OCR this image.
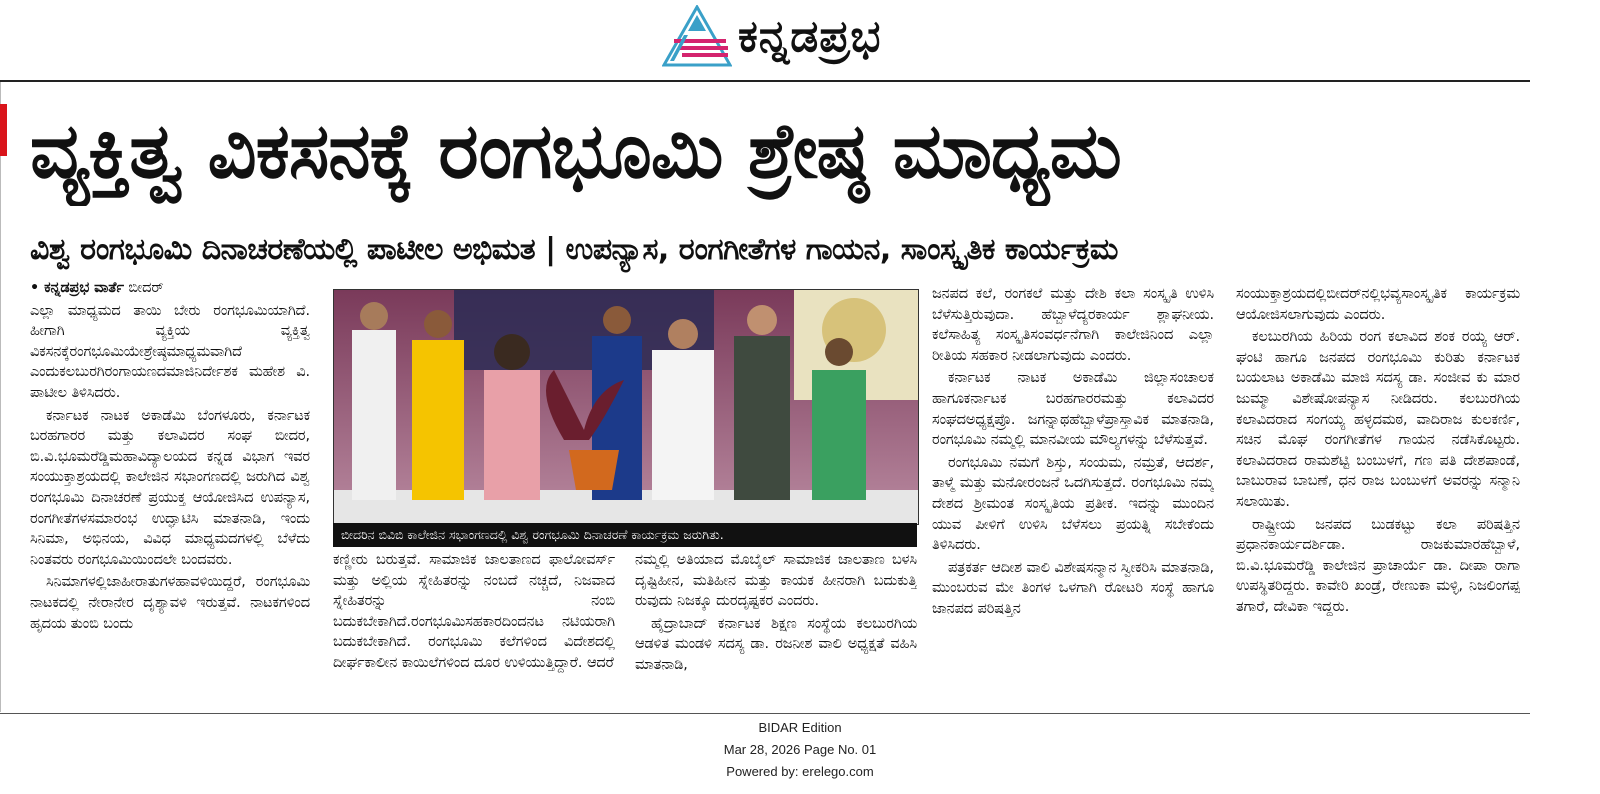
ಕನ್ನಡಪ್ರಭ
ವ್ಯಕ್ತಿತ್ವ ವಿಕಸನಕ್ಕೆ ರಂಗಭೂಮಿ ಶ್ರೇಷ್ಠ ಮಾಧ್ಯಮ
ವಿಶ್ವ ರಂಗಭೂಮಿ ದಿನಾಚರಣೆಯಲ್ಲಿ ಪಾಟೀಲ ಅಭಿಮತ | ಉಪನ್ಯಾಸ, ರಂಗಗೀತೆಗಳ ಗಾಯನ, ಸಾಂಸ್ಕೃತಿಕ ಕಾರ್ಯಕ್ರಮ

• ಕನ್ನಡಪ್ರಭ ವಾರ್ತೆ ಬೀದರ್

ಎಲ್ಲಾ ಮಾಧ್ಯಮದ ತಾಯಿ ಬೇರು ರಂಗಭೂಮಿಯಾಗಿದೆ. ಹೀಗಾಗಿ ವ್ಯಕ್ತಿಯ ವ್ಯಕ್ತಿತ್ವ ವಿಕಸನಕ್ಕೆರಂಗಭೂಮಿಯೇಶ್ರೇಷ್ಠಮಾಧ್ಯಮವಾಗಿದೆ ಎಂದುಕಲಬುರಗಿರಂಗಾಯಣದಮಾಜಿನಿರ್ದೇಶಕ ಮಹೇಶ ವಿ. ಪಾಟೀಲ ತಿಳಿಸಿದರು.

ಕರ್ನಾಟಕ ನಾಟಕ ಅಕಾಡೆಮಿ ಬೆಂಗಳೂರು, ಕರ್ನಾಟಕ ಬರಹಗಾರರ ಮತ್ತು ಕಲಾವಿದರ ಸಂಘ ಬೀದರ, ಬಿ.ವಿ.ಭೂಮರೆಡ್ಡಿಮಹಾವಿದ್ಯಾಲಯದ ಕನ್ನಡ ವಿಭಾಗ ಇವರ ಸಂಯುಕ್ತಾಶ್ರಯದಲ್ಲಿ ಕಾಲೇಜಿನ ಸಭಾಂಗಣದಲ್ಲಿ ಜರುಗಿದ ವಿಶ್ವ ರಂಗಭೂಮಿ ದಿನಾಚರಣೆ ಪ್ರಯುಕ್ತ ಆಯೋಜಿಸಿದ ಉಪನ್ಯಾಸ, ರಂಗಗೀತೆಗಳಸಮಾರಂಭ ಉದ್ಘಾಟಿಸಿ ಮಾತನಾಡಿ, ಇಂದು ಸಿನಿಮಾ, ಅಭಿನಯ, ವಿವಿಧ ಮಾಧ್ಯಮದಗಳಲ್ಲಿ ಬೆಳೆದು ನಿಂತವರು ರಂಗಭೂಮಿಯಿಂದಲೇ ಬಂದವರು.

ಸಿನಿಮಾಗಳಲ್ಲಿಜಾಹೀರಾತುಗಳಹಾವಳಿಯಿದ್ದರೆ, ರಂಗಭೂಮಿ ನಾಟಕದಲ್ಲಿ ನೇರಾನೇರ ದೃಶ್ಯಾವಳಿ ಇರುತ್ತವೆ. ನಾಟಕಗಳಿಂದ ಹೃದಯ ತುಂಬಿ ಬಂದು

ಬೀದರಿನ ಬಿವಿಬಿ ಕಾಲೇಜಿನ ಸಭಾಂಗಣದಲ್ಲಿ ವಿಶ್ವ ರಂಗಭೂಮಿ ದಿನಾಚರಣೆ ಕಾರ್ಯಕ್ರಮ ಜರುಗಿತು.

ಕಣ್ಣೀರು ಬರುತ್ತವೆ. ಸಾಮಾಜಿಕ ಜಾಲತಾಣದ ಫಾಲೋವರ್ಸ್ ಮತ್ತು ಅಲ್ಲಿಯ ಸ್ನೇಹಿತರನ್ನು ನಂಬದೆ ನಚ್ಚದೆ, ನಿಜವಾದ ಸ್ನೇಹಿತರನ್ನು ನಂಬಿ ಬದುಕಬೇಕಾಗಿದೆ.ರಂಗಭೂಮಿಸಹಕಾರದಿಂದನಟ ನಟಿಯರಾಗಿ ಬದುಕಬೇಕಾಗಿದೆ. ರಂಗಭೂಮಿ ಕಲೆಗಳಿಂದ ವಿದೇಶದಲ್ಲಿ ದೀರ್ಘಕಾಲೀನ ಕಾಯಿಲೆಗಳಿಂದ ದೂರ ಉಳಿಯುತ್ತಿದ್ದಾರೆ. ಆದರೆ

ನಮ್ಮಲ್ಲಿ ಅತಿಯಾದ ಮೊಬೈಲ್ ಸಾಮಾಜಿಕ ಜಾಲತಾಣ ಬಳಸಿ ದೃಷ್ಟಿಹೀನ, ಮತಿಹೀನ ಮತ್ತು ಕಾಯಕ ಹೀನರಾಗಿ ಬದುಕುತ್ತಿ ರುವುದು ನಿಜಕ್ಕೂ ದುರದೃಷ್ಟಕರ ಎಂದರು.

ಹೈದ್ರಾಬಾದ್ ಕರ್ನಾಟಕ ಶಿಕ್ಷಣ ಸಂಸ್ಥೆಯ ಕಲಬುರಗಿಯ ಆಡಳಿತ ಮಂಡಳಿ ಸದಸ್ಯ ಡಾ. ರಜನೀಶ ವಾಲಿ ಅಧ್ಯಕ್ಷತೆ ವಹಿಸಿ ಮಾತನಾಡಿ,

ಜನಪದ ಕಲೆ, ರಂಗಕಲೆ ಮತ್ತು ದೇಶಿ ಕಲಾ ಸಂಸ್ಕೃತಿ ಉಳಿಸಿ ಬೆಳೆಸುತ್ತಿರುವುದಾ. ಹೆಬ್ಬಾಳೆದ್ಯರಕಾರ್ಯ ಶ್ಲಾಘನೀಯ. ಕಲೆಸಾಹಿತ್ಯ ಸಂಸ್ಕೃತಿಸಂವರ್ಧನೆಗಾಗಿ ಕಾಲೇಜಿನಿಂದ ಎಲ್ಲಾ ರೀತಿಯ ಸಹಕಾರ ನೀಡಲಾಗುವುದು ಎಂದರು.

ಕರ್ನಾಟಕ ನಾಟಕ ಅಕಾಡೆಮಿ ಜಿಲ್ಲಾಸಂಚಾಲಕ ಹಾಗೂಕರ್ನಾಟಕ ಬರಹಗಾರರಮತ್ತು ಕಲಾವಿದರ ಸಂಘದಅಧ್ಯಕ್ಷಪ್ರೊ. ಜಗನ್ನಾಥಹೆಬ್ಬಾಳೆಪ್ರಾಸ್ತಾವಿಕ ಮಾತನಾಡಿ, ರಂಗಭೂಮಿ ನಮ್ಮಲ್ಲಿ ಮಾನವೀಯ ಮೌಲ್ಯಗಳನ್ನು ಬೆಳೆಸುತ್ತವೆ.

ರಂಗಭೂಮಿ ನಮಗೆ ಶಿಸ್ತು, ಸಂಯಮ, ನಮ್ರತೆ, ಆದರ್ಶ, ತಾಳ್ಮೆ ಮತ್ತು ಮನೋರಂಜನೆ ಒದಗಿಸುತ್ತದೆ. ರಂಗಭೂಮಿ ನಮ್ಮ ದೇಶದ ಶ್ರೀಮಂತ ಸಂಸ್ಕೃತಿಯ ಪ್ರತೀಕ. ಇದನ್ನು ಮುಂದಿನ ಯುವ ಪೀಳಿಗೆ ಉಳಿಸಿ ಬೆಳೆಸಲು ಪ್ರಯತ್ನಿ ಸಬೇಕೆಂದು ತಿಳಿಸಿದರು.

ಪತ್ರಕರ್ತ ಆದೀಶ ವಾಲಿ ವಿಶೇಷಸನ್ಮಾನ ಸ್ವೀಕರಿಸಿ ಮಾತನಾಡಿ, ಮುಂಬರುವ ಮೇ ತಿಂಗಳ ಒಳಗಾಗಿ ರೋಟರಿ ಸಂಸ್ಥೆ ಹಾಗೂ ಜಾನಪದ ಪರಿಷತ್ತಿನ

ಸಂಯುಕ್ತಾಶ್ರಯದಲ್ಲಿಬೀದರ್‌ನಲ್ಲಿಭವ್ಯಸಾಂಸ್ಕೃತಿಕ ಕಾರ್ಯಕ್ರಮ ಆಯೋಜಿಸಲಾಗುವುದು ಎಂದರು.

ಕಲಬುರಗಿಯ ಹಿರಿಯ ರಂಗ ಕಲಾವಿದ ಶಂಕ ರಯ್ಯ ಆರ್. ಘಂಟಿ ಹಾಗೂ ಜನಪದ ರಂಗಭೂಮಿ ಕುರಿತು ಕರ್ನಾಟಕ ಬಯಲಾಟ ಅಕಾಡೆಮಿ ಮಾಜಿ ಸದಸ್ಯ ಡಾ. ಸಂಜೀವ ಕು ಮಾರ ಜುಮ್ಮಾ ವಿಶೇಷೋಪನ್ಯಾಸ ನೀಡಿದರು. ಕಲಬುರಗಿಯ ಕಲಾವಿದರಾದ ಸಂಗಯ್ಯ ಹಳ್ಳದಮಠ, ವಾದಿರಾಜ ಕುಲಕರ್ಣಿ, ಸಚಿನ ಮೊಘ ರಂಗಗೀತೆಗಳ ಗಾಯನ ನಡೆಸಿಕೊಟ್ಟರು. ಕಲಾವಿದರಾದ ರಾಮಶೆಟ್ಟಿ ಬಂಬುಳಗೆ, ಗಣ ಪತಿ ದೇಶಪಾಂಡೆ, ಬಾಬುರಾವ ಬಾಬಣೆ, ಧನ ರಾಜ ಬಂಬುಳಗೆ ಅವರನ್ನು ಸನ್ಮಾನಿ ಸಲಾಯಿತು.

ರಾಷ್ಟ್ರೀಯ ಜನಪದ ಬುಡಕಟ್ಟು ಕಲಾ ಪರಿಷತ್ತಿನ ಪ್ರಧಾನಕಾರ್ಯದರ್ಶಿಡಾ. ರಾಜಕುಮಾರಹೆಬ್ಬಾಳೆ, ಬಿ.ವಿ.ಭೂಮರೆಡ್ಡಿ ಕಾಲೇಜಿನ ಪ್ರಾಚಾರ್ಯೆ ಡಾ. ದೀಪಾ ರಾಗಾ ಉಪಸ್ಥಿತರಿದ್ದರು. ಕಾವೇರಿ ಖಂಡ್ರೆ, ರೇಣುಕಾ ಮಳ್ಳಿ, ನಿಜಲಿಂಗಪ್ಪ ತಗಾರೆ, ದೇವಿಕಾ ಇದ್ದರು.

BIDAR Edition
Mar 28, 2026 Page No. 01
Powered by: erelego.com
